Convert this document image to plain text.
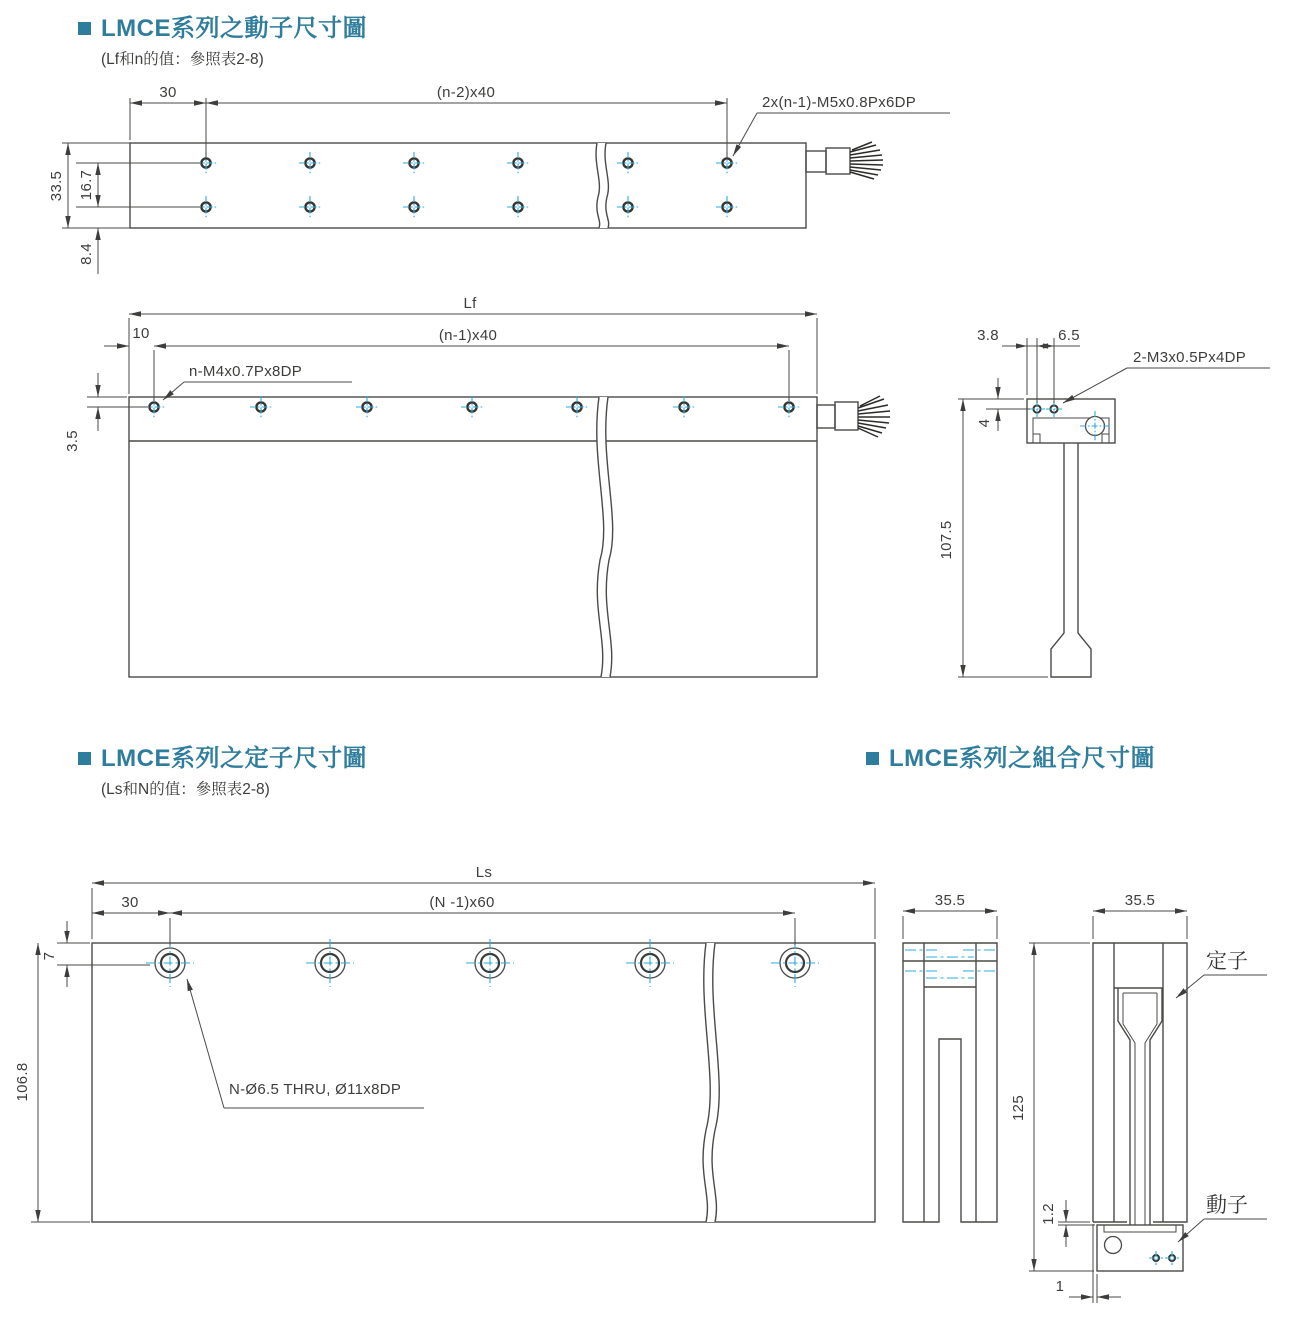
LMCE系列之動子尺寸圖
(Lf和n的值：參照表2-8)
LMCE系列之定子尺寸圖
(Ls和N的值：參照表2-8)
LMCE系列之組合尺寸圖
30	(n-2)x40
2x(n-1)-M5x0.8Px6DP
33.5 16.7
8.4
Lf
(n-1)x40
10
n-M4x0.7Px8DP
3.5
3.8	6.5
2-M3x0.5Px4DP
4
107.5
Ls
(N -1)x60
30
7
106.8	N-Ø6.5 THRU, Ø11x8DP
35.5	35.5
125
1.2
1
定子
動子
